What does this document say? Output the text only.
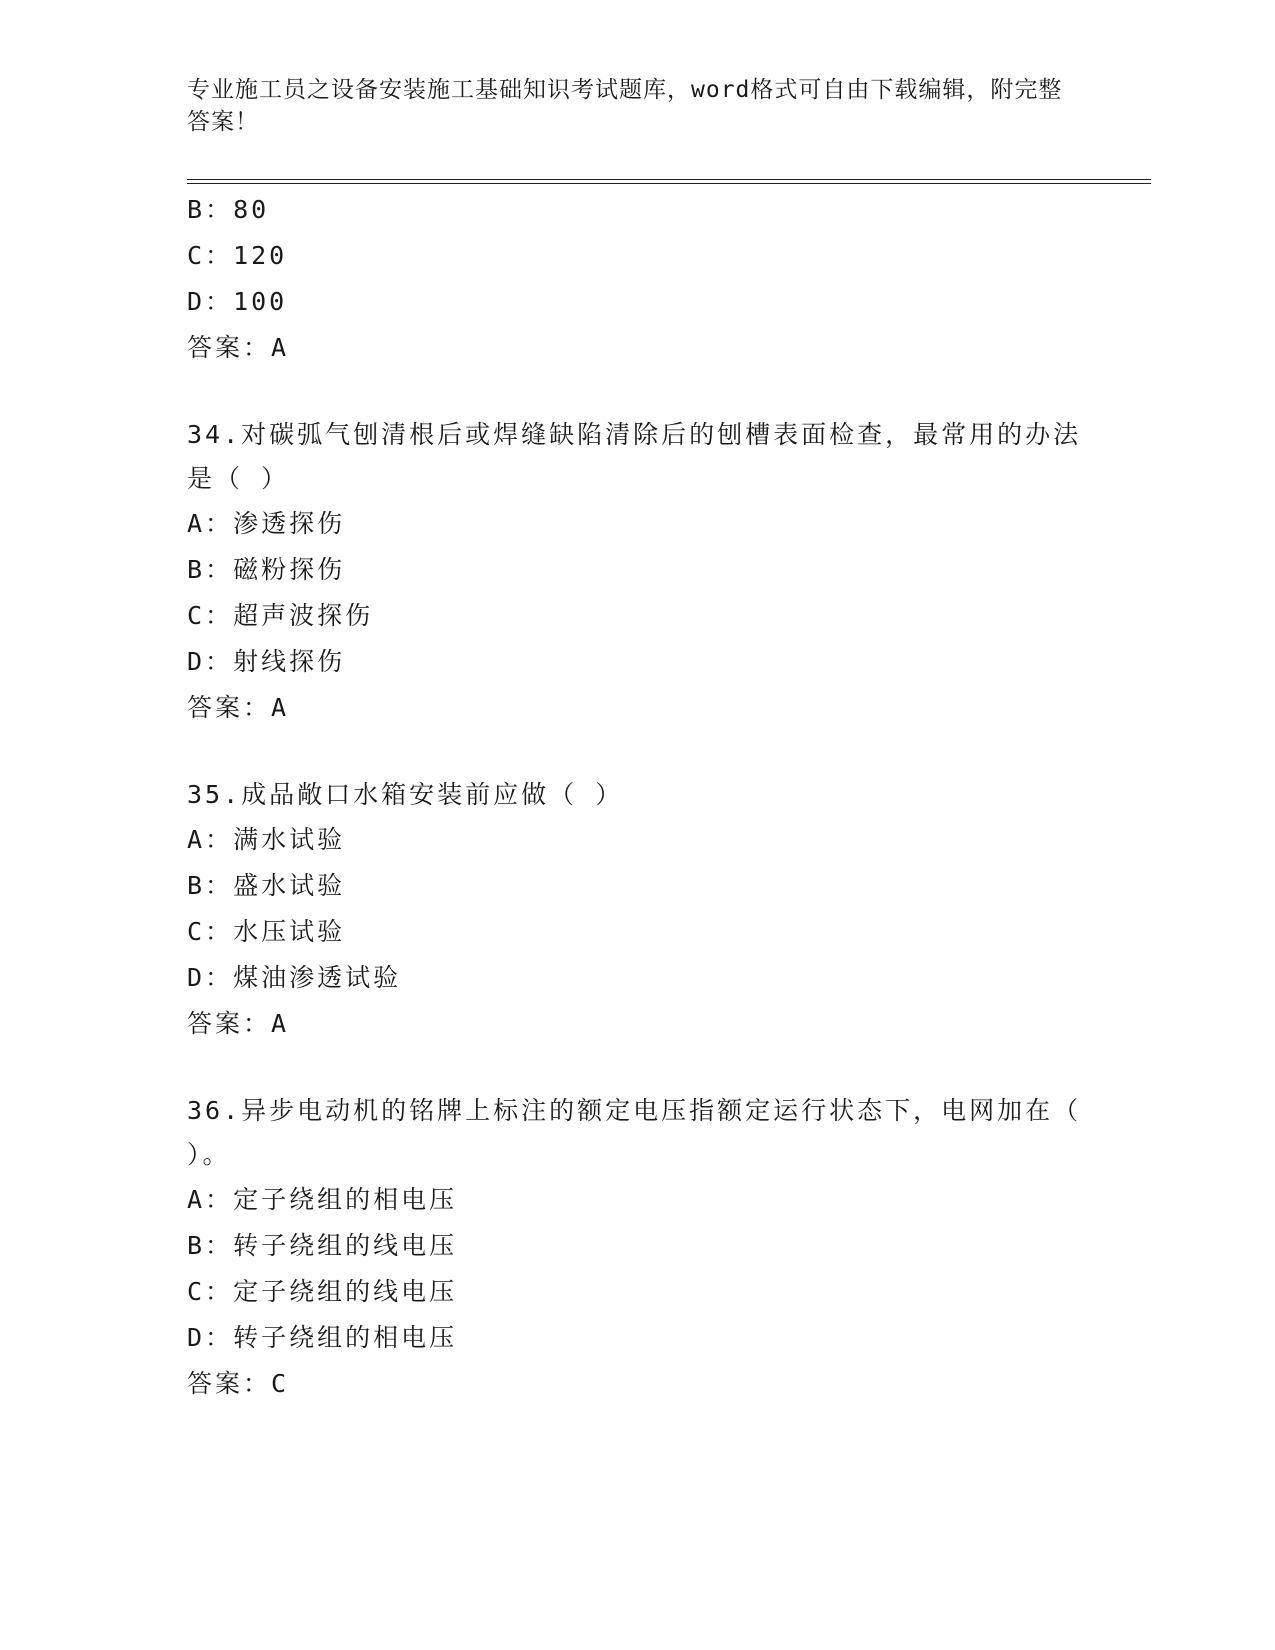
专业施工员之设备安装施工基础知识考试题库，word格式可自由下载编辑，附完整答案！

B：80

C：120

D：100

答案：A

34.对碳弧气刨清根后或焊缝缺陷清除后的刨槽表面检查，最常用的办法是（ ）

A：渗透探伤

B：磁粉探伤

C：超声波探伤

D：射线探伤

答案：A

35.成品敞口水箱安装前应做（ ）

A：满水试验

B：盛水试验

C：水压试验

D：煤油渗透试验

答案：A

36.异步电动机的铭牌上标注的额定电压指额定运行状态下，电网加在（ ）。

A：定子绕组的相电压

B：转子绕组的线电压

C：定子绕组的线电压

D：转子绕组的相电压

答案：C
